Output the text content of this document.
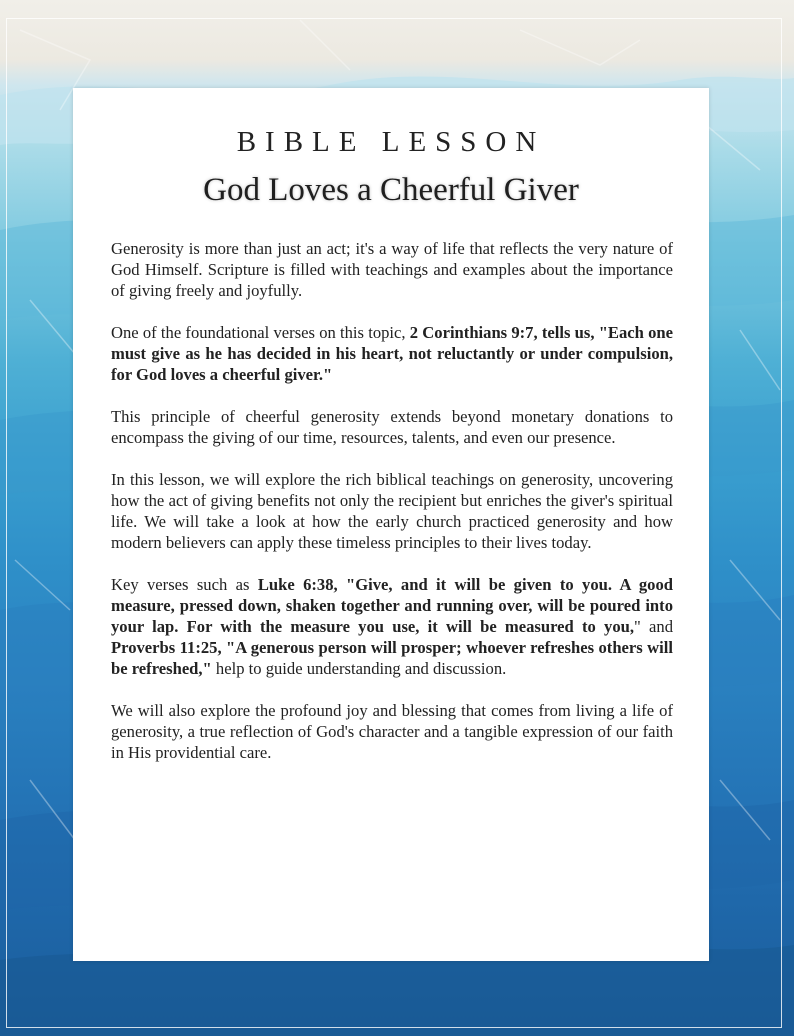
BIBLE LESSON
God Loves a Cheerful Giver

Generosity is more than just an act; it's a way of life that reflects the very nature of God Himself. Scripture is filled with teachings and examples about the importance of giving freely and joyfully.

One of the foundational verses on this topic, 2 Corinthians 9:7, tells us, "Each one must give as he has decided in his heart, not reluctantly or under compulsion, for God loves a cheerful giver."

This principle of cheerful generosity extends beyond monetary donations to encompass the giving of our time, resources, talents, and even our presence.

In this lesson, we will explore the rich biblical teachings on generosity, uncovering how the act of giving benefits not only the recipient but enriches the giver's spiritual life. We will take a look at how the early church practiced generosity and how modern believers can apply these timeless principles to their lives today.

Key verses such as Luke 6:38, "Give, and it will be given to you. A good measure, pressed down, shaken together and running over, will be poured into your lap. For with the measure you use, it will be measured to you," and Proverbs 11:25, "A generous person will prosper; whoever refreshes others will be refreshed," help to guide understanding and discussion.

We will also explore the profound joy and blessing that comes from living a life of generosity, a true reflection of God's character and a tangible expression of our faith in His providential care.
